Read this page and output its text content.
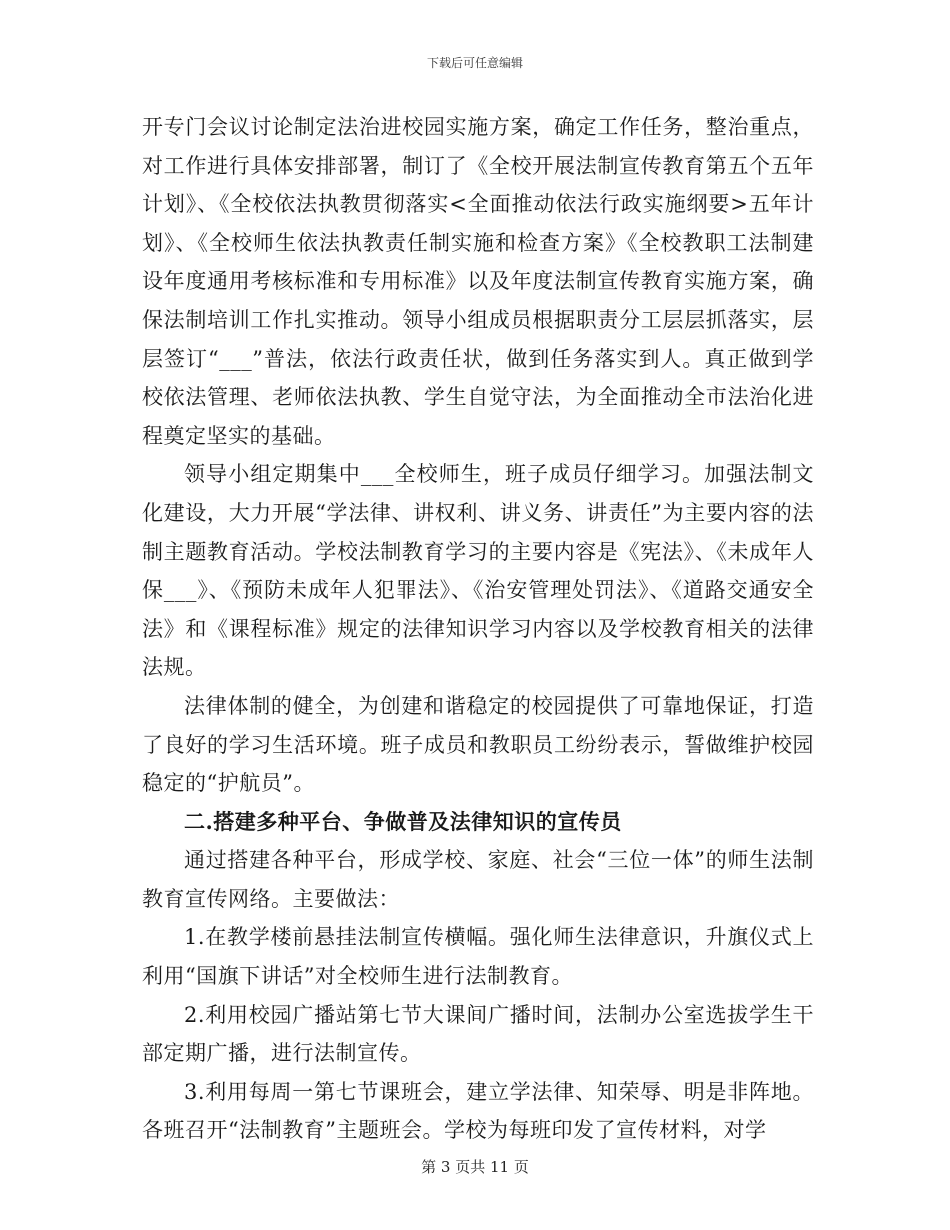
下载后可任意编辑

开专门会议讨论制定法治进校园实施方案，确定工作任务，整治重点，对工作进行具体安排部署，制订了《全校开展法制宣传教育第五个五年计划》、《全校依法执教贯彻落实<全面推动依法行政实施纲要>五年计划》、《全校师生依法执教责任制实施和检查方案》《全校教职工法制建设年度通用考核标准和专用标准》以及年度法制宣传教育实施方案，确保法制培训工作扎实推动。领导小组成员根据职责分工层层抓落实，层层签订“___”普法，依法行政责任状，做到任务落实到人。真正做到学校依法管理、老师依法执教、学生自觉守法，为全面推动全市法治化进程奠定坚实的基础。

领导小组定期集中___全校师生，班子成员仔细学习。加强法制文化建设，大力开展“学法律、讲权利、讲义务、讲责任”为主要内容的法制主题教育活动。学校法制教育学习的主要内容是《宪法》、《未成年人保___》、《预防未成年人犯罪法》、《治安管理处罚法》、《道路交通安全法》和《课程标准》规定的法律知识学习内容以及学校教育相关的法律法规。

法律体制的健全，为创建和谐稳定的校园提供了可靠地保证，打造了良好的学习生活环境。班子成员和教职员工纷纷表示，誓做维护校园稳定的“护航员”。

二.搭建多种平台、争做普及法律知识的宣传员

通过搭建各种平台，形成学校、家庭、社会“三位一体”的师生法制教育宣传网络。主要做法：

1.在教学楼前悬挂法制宣传横幅。强化师生法律意识，升旗仪式上利用“国旗下讲话”对全校师生进行法制教育。

2.利用校园广播站第七节大课间广播时间，法制办公室选拔学生干部定期广播，进行法制宣传。

3.利用每周一第七节课班会，建立学法律、知荣辱、明是非阵地。各班召开“法制教育”主题班会。学校为每班印发了宣传材料，对学

第 3 页共 11 页
